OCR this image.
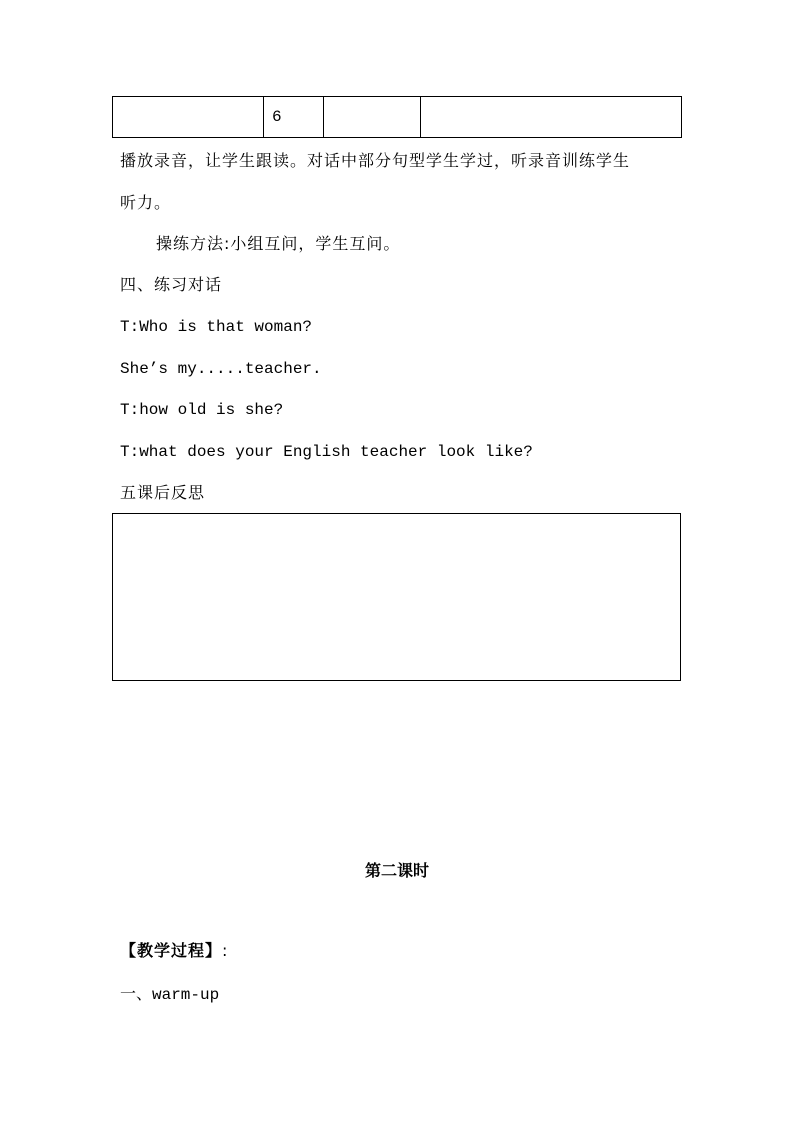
	6		
播放录音，让学生跟读。对话中部分句型学生学过，听录音训练学生
听力。
操练方法:小组互问，学生互问。
四、练习对话
T:Who is that woman?
She’s my.....teacher.
T:how old is she?
T:what does your English teacher look like?
五课后反思
第二课时
【教学过程】:
一、warm-up
